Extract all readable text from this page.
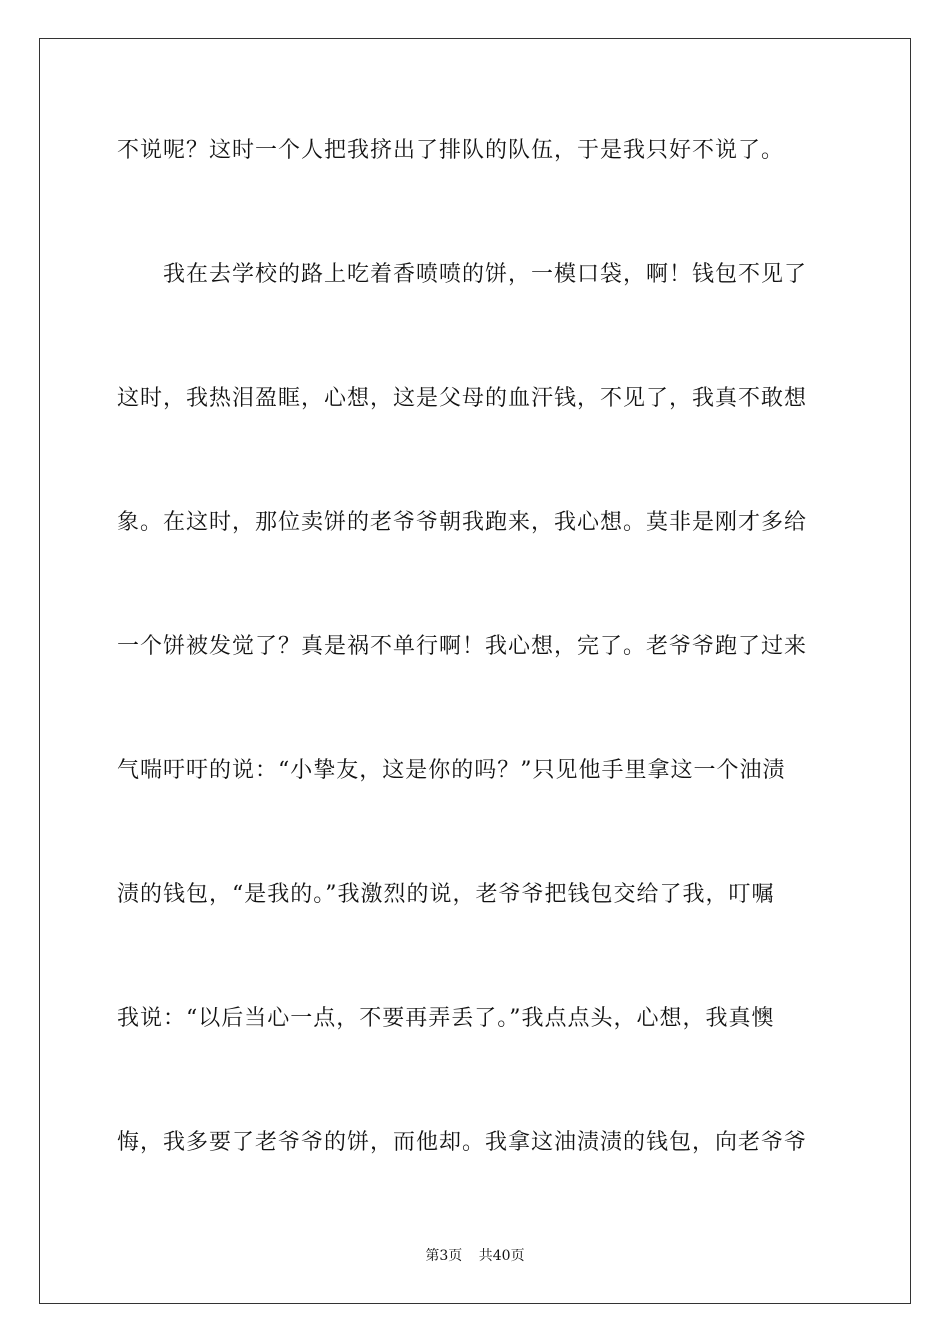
不说呢？这时一个人把我挤出了排队的队伍，于是我只好不说了。
　　我在去学校的路上吃着香喷喷的饼，一模口袋，啊！钱包不见了
这时，我热泪盈眶，心想，这是父母的血汗钱，不见了，我真不敢想
象。在这时，那位卖饼的老爷爷朝我跑来，我心想。莫非是刚才多给
一个饼被发觉了？真是祸不单行啊！我心想，完了。老爷爷跑了过来
气喘吁吁的说：“小挚友，这是你的吗？”只见他手里拿这一个油渍
渍的钱包，“是我的。”我激烈的说，老爷爷把钱包交给了我，叮嘱
我说：“以后当心一点，不要再弄丢了。”我点点头，心想，我真懊
悔，我多要了老爷爷的饼，而他却。我拿这油渍渍的钱包，向老爷爷
第3页 共40页
